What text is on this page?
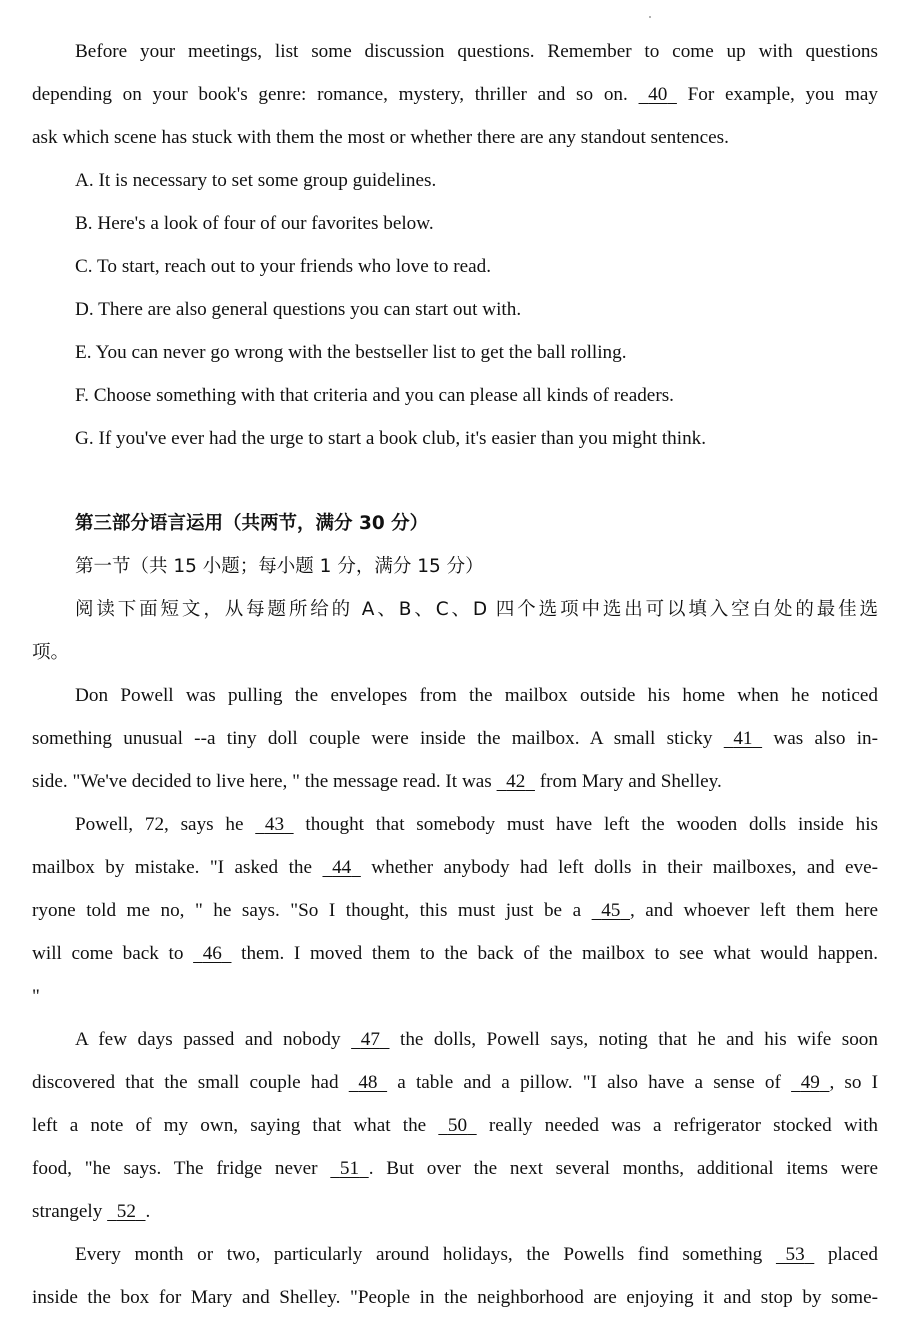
Before your meetings, list some discussion questions. Remember to come up with questions
depending on your book's genre: romance, mystery, thriller and so on. 40 For example, you may
ask which scene has stuck with them the most or whether there are any standout sentences.
A. It is necessary to set some group guidelines.
B. Here's a look of four of our favorites below.
C. To start, reach out to your friends who love to read.
D. There are also general questions you can start out with.
E. You can never go wrong with the bestseller list to get the ball rolling.
F. Choose something with that criteria and you can please all kinds of readers.
G. If you've ever had the urge to start a book club, it's easier than you might think.
第三部分语言运用（共两节，满分 30 分）
第一节（共 15 小题；每小题 1 分，满分 15 分）
阅读下面短文，从每题所给的 A、B、C、D 四个选项中选出可以填入空白处的最佳选
项。
Don Powell was pulling the envelopes from the mailbox outside his home when he noticed
something unusual --a tiny doll couple were inside the mailbox. A small sticky 41 was also in-
side. "We've decided to live here, " the message read. It was 42 from Mary and Shelley.
Powell, 72, says he 43 thought that somebody must have left the wooden dolls inside his
mailbox by mistake. "I asked the 44 whether anybody had left dolls in their mailboxes, and eve-
ryone told me no, " he says. "So I thought, this must just be a 45 , and whoever left them here
will come back to 46 them. I moved them to the back of the mailbox to see what would happen.
"
A few days passed and nobody 47 the dolls, Powell says, noting that he and his wife soon
discovered that the small couple had 48 a table and a pillow. "I also have a sense of 49 , so I
left a note of my own, saying that what the 50 really needed was a refrigerator stocked with
food, "he says. The fridge never 51 . But over the next several months, additional items were
strangely 52 .
Every month or two, particularly around holidays, the Powells find something 53 placed
inside the box for Mary and Shelley. "People in the neighborhood are enjoying it and stop by some-
